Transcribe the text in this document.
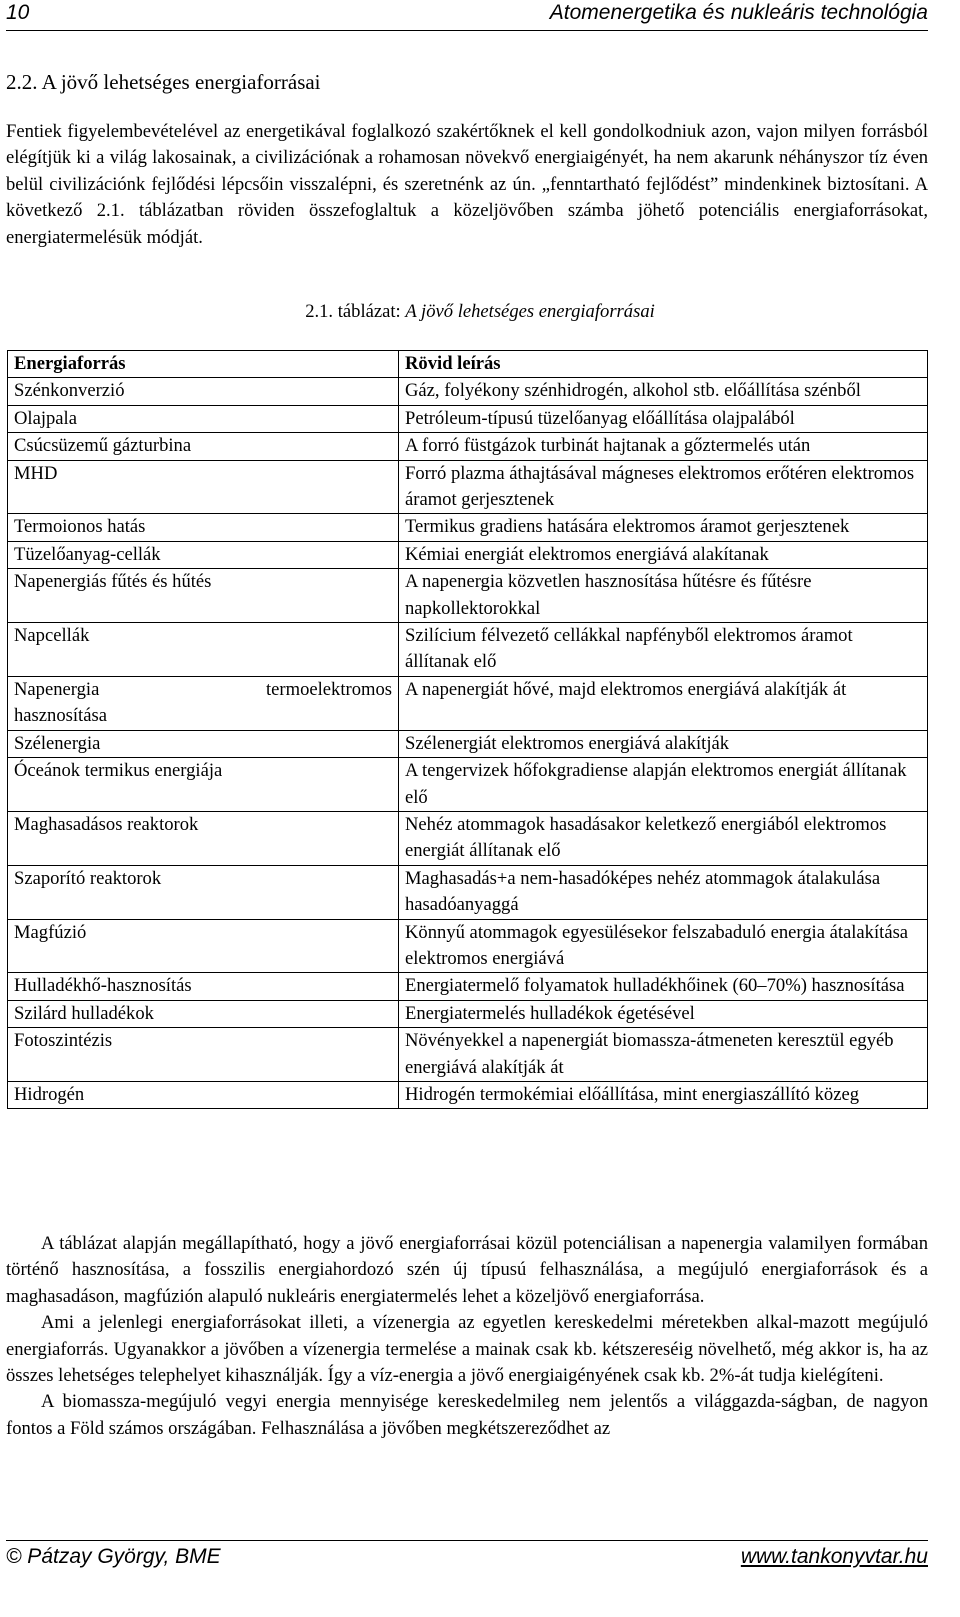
10	Atomenergetika és nukleáris technológia
2.2. A jövő lehetséges energiaforrásai

Fentiek figyelembevételével az energetikával foglalkozó szakértőknek el kell gondolkodniuk azon, vajon milyen forrásból elégítjük ki a világ lakosainak, a civilizációnak a rohamosan növekvő energiaigényét, ha nem akarunk néhányszor tíz éven belül civilizációnk fejlődési lépcsőin visszalépni, és szeretnénk az ún. „fenntartható fejlődést” mindenkinek biztosítani. A következő 2.1. táblázatban röviden összefoglaltuk a közeljövőben számba jöhető potenciális energiaforrásokat, energiatermelésük módját.

2.1. táblázat: A jövő lehetséges energiaforrásai
Energiaforrás	Rövid leírás
Szénkonverzió	Gáz, folyékony szénhidrogén, alkohol stb. előállítása szénből
Olajpala	Petróleum-típusú tüzelőanyag előállítása olajpalából
Csúcsüzemű gázturbina	A forró füstgázok turbinát hajtanak a gőztermelés után
MHD	Forró plazma áthajtásával mágneses elektromos erőtéren elektromos áramot gerjesztenek
Termoionos hatás	Termikus gradiens hatására elektromos áramot gerjesztenek
Tüzelőanyag-cellák	Kémiai energiát elektromos energiává alakítanak
Napenergiás fűtés és hűtés	A napenergia közvetlen hasznosítása hűtésre és fűtésre napkollektorokkal
Napcellák	Szilícium félvezető cellákkal napfényből elektromos áramot állítanak elő

Napenergia termoelektromos
hasznosítása	A napenergiát hővé, majd elektromos energiává alakítják át
Szélenergia	Szélenergiát elektromos energiává alakítják
Óceánok termikus energiája	A tengervizek hőfokgradiense alapján elektromos energiát állítanak elő
Maghasadásos reaktorok	Nehéz atommagok hasadásakor keletkező energiából elektromos energiát állítanak elő
Szaporító reaktorok	Maghasadás+a nem-hasadóképes nehéz atommagok átalakulása hasadóanyaggá
Magfúzió	Könnyű atommagok egyesülésekor felszabaduló energia átalakítása elektromos energiává
Hulladékhő-hasznosítás	Energiatermelő folyamatok hulladékhőinek (60–70%) hasznosítása
Szilárd hulladékok	Energiatermelés hulladékok égetésével
Fotoszintézis	Növényekkel a napenergiát biomassza-átmeneten keresztül egyéb energiává alakítják át
Hidrogén	Hidrogén termokémiai előállítása, mint energiaszállító közeg

A táblázat alapján megállapítható, hogy a jövő energiaforrásai közül potenciálisan a napenergia valamilyen formában történő hasznosítása, a fosszilis energiahordozó szén új típusú felhasználása, a megújuló energiaforrások és a maghasadáson, magfúzión alapuló nukleáris energiatermelés lehet a közeljövő energiaforrása.

Ami a jelenlegi energiaforrásokat illeti, a vízenergia az egyetlen kereskedelmi méretekben alkal-mazott megújuló energiaforrás. Ugyanakkor a jövőben a vízenergia termelése a mainak csak kb. kétszereséig növelhető, még akkor is, ha az összes lehetséges telephelyet kihasználják. Így a víz-energia a jövő energiaigényének csak kb. 2%-át tudja kielégíteni.

A biomassza-megújuló vegyi energia mennyisége kereskedelmileg nem jelentős a világgazda-ságban, de nagyon fontos a Föld számos országában. Felhasználása a jövőben megkétszereződhet az

© Pátzay György, BME	www.tankonyvtar.hu
